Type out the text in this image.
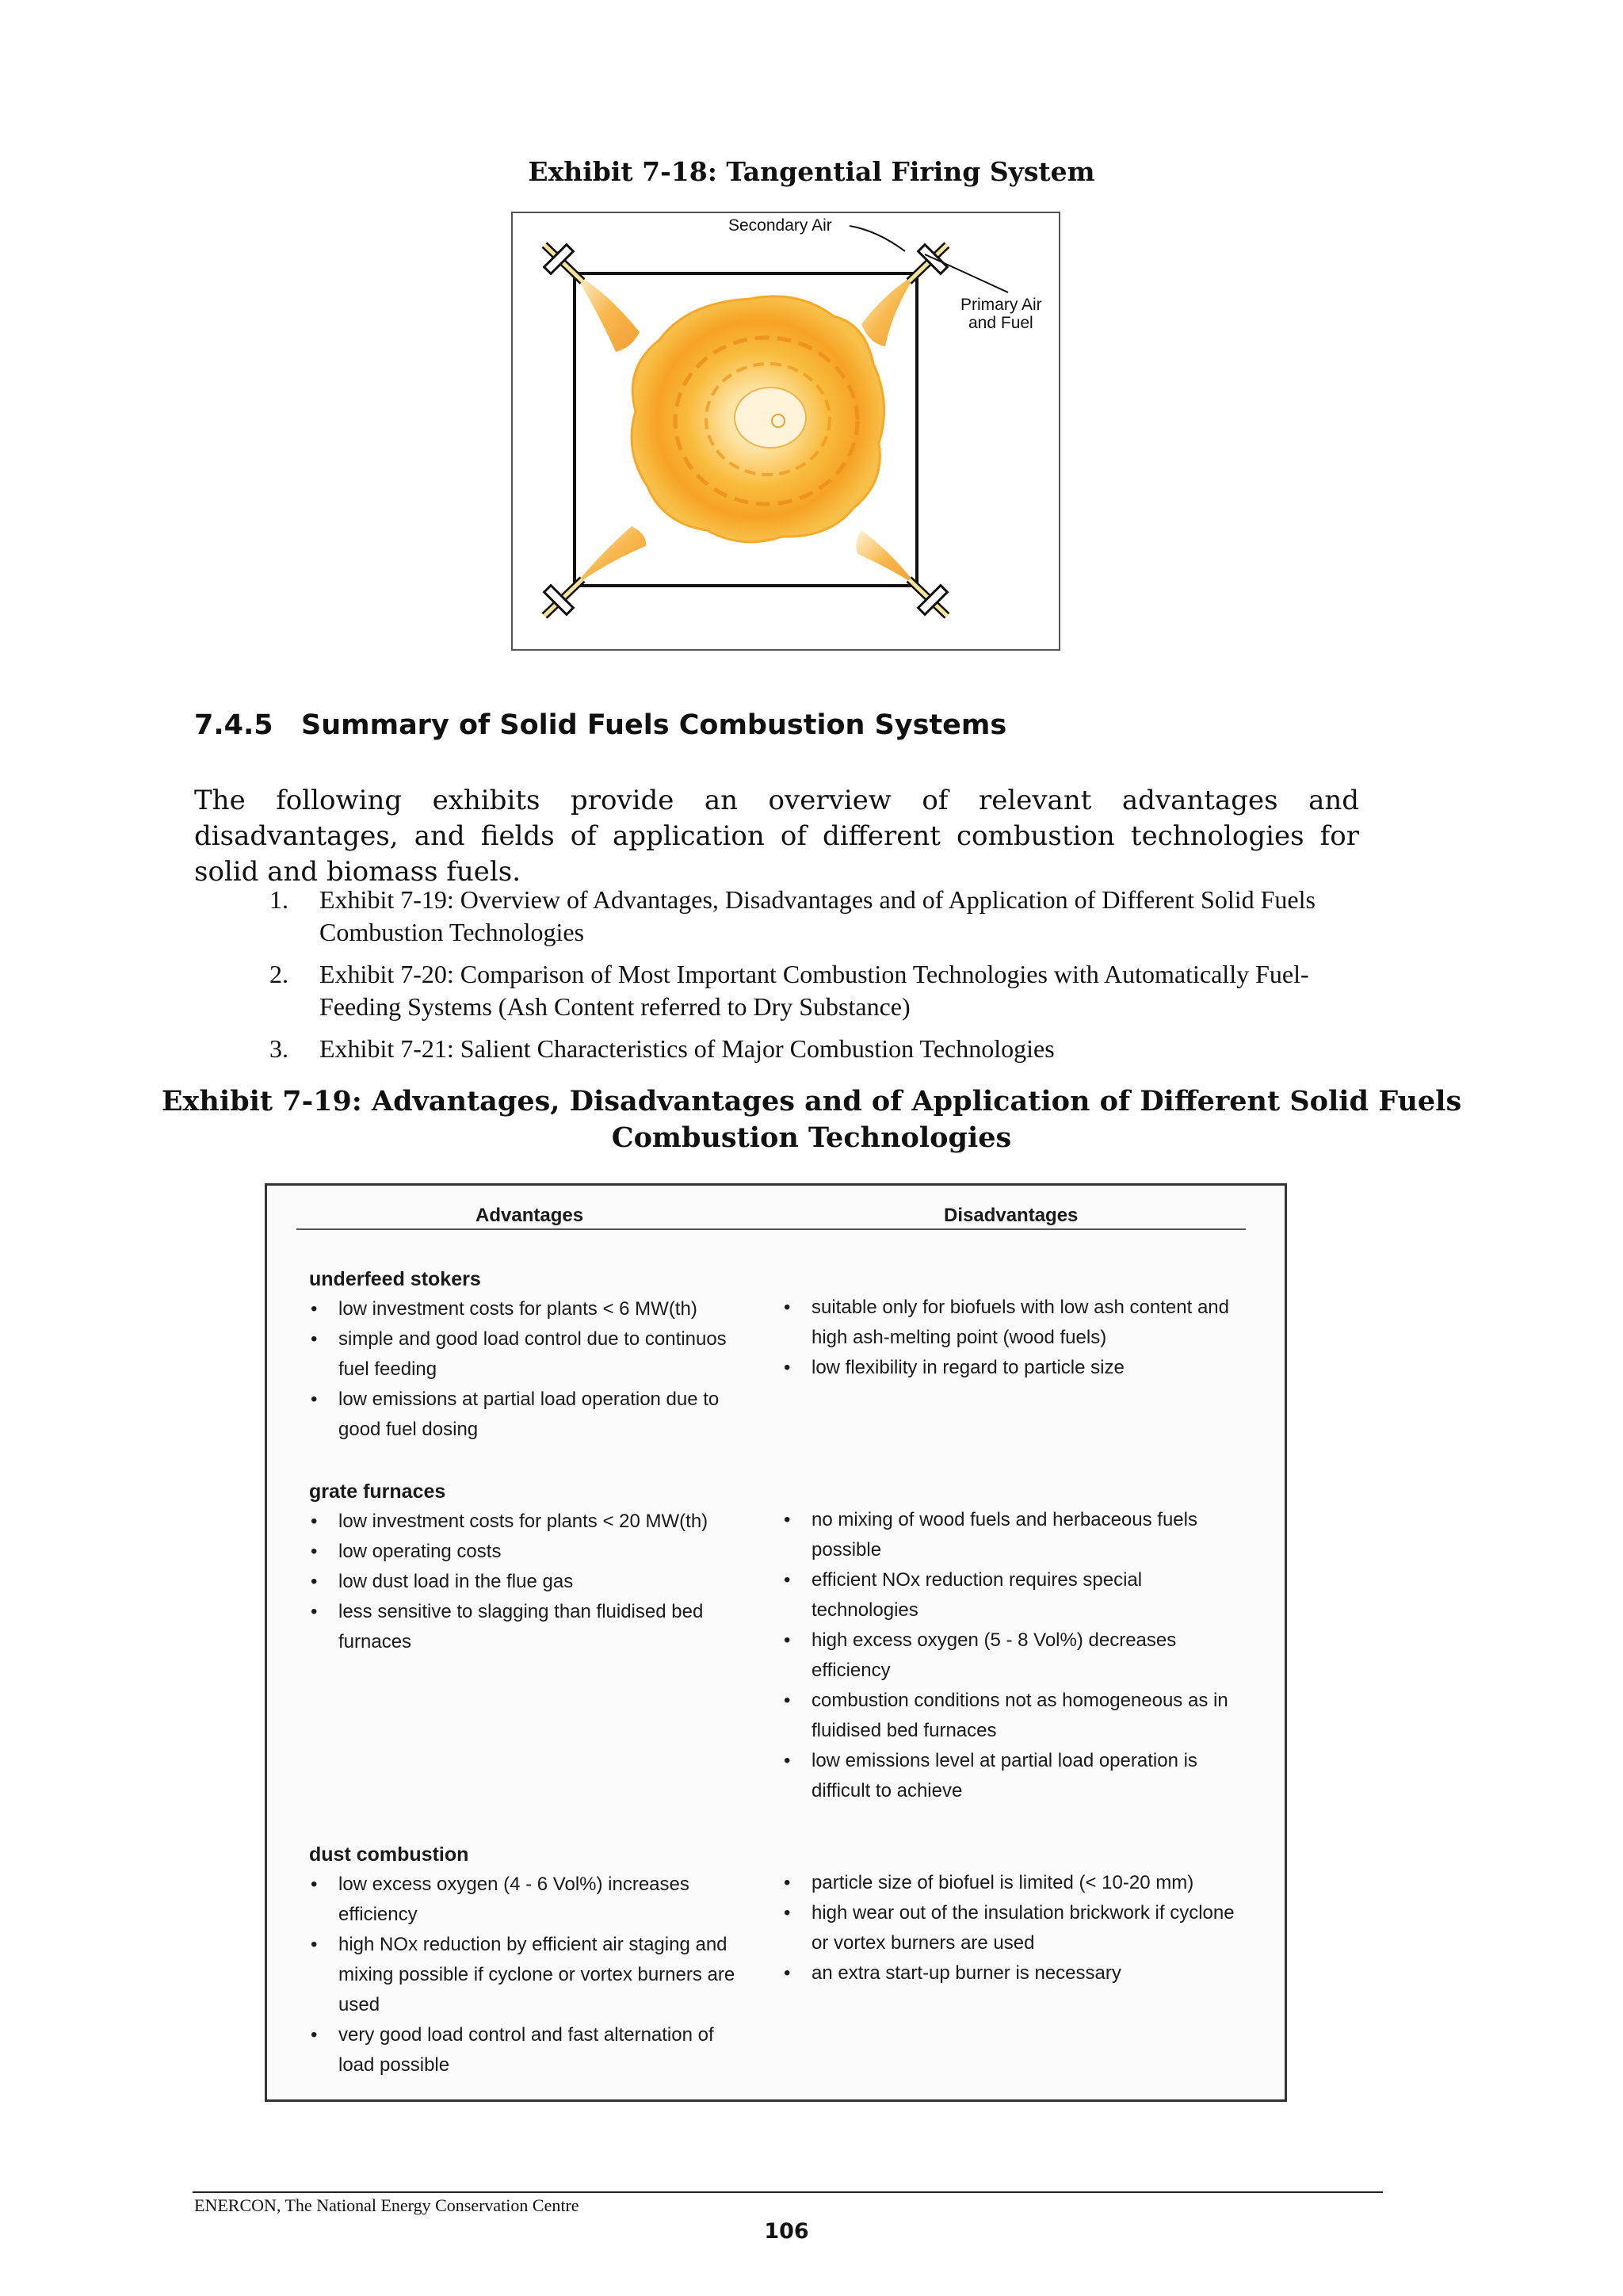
Exhibit 7-18: Tangential Firing System
Secondary Air
Primary Air
and Fuel
7.4.5 Summary of Solid Fuels Combustion Systems
The following exhibits provide an overview of relevant advantages and disadvantages, and fields of application of different combustion technologies for solid and biomass fuels.
1. Exhibit 7-19: Overview of Advantages, Disadvantages and of Application of Different Solid Fuels Combustion Technologies
2. Exhibit 7-20: Comparison of Most Important Combustion Technologies with Automatically Fuel-Feeding Systems (Ash Content referred to Dry Substance)
3. Exhibit 7-21: Salient Characteristics of Major Combustion Technologies
Exhibit 7-19: Advantages, Disadvantages and of Application of Different Solid Fuels
Combustion Technologies
Advantages	Disadvantages
underfeed stokers
• low investment costs for plants < 6 MW(th)
• simple and good load control due to continuos fuel feeding
• low emissions at partial load operation due to good fuel dosing
• suitable only for biofuels with low ash content and high ash-melting point (wood fuels)
• low flexibility in regard to particle size
grate furnaces
• low investment costs for plants < 20 MW(th)
• low operating costs
• low dust load in the flue gas
• less sensitive to slagging than fluidised bed furnaces
• no mixing of wood fuels and herbaceous fuels possible
• efficient NOx reduction requires special technologies
• high excess oxygen (5 - 8 Vol%) decreases efficiency
• combustion conditions not as homogeneous as in fluidised bed furnaces
• low emissions level at partial load operation is difficult to achieve
dust combustion
• low excess oxygen (4 - 6 Vol%) increases efficiency
• high NOx reduction by efficient air staging and mixing possible if cyclone or vortex burners are used
• very good load control and fast alternation of load possible
• particle size of biofuel is limited (< 10-20 mm)
• high wear out of the insulation brickwork if cyclone or vortex burners are used
• an extra start-up burner is necessary
ENERCON, The National Energy Conservation Centre
106
